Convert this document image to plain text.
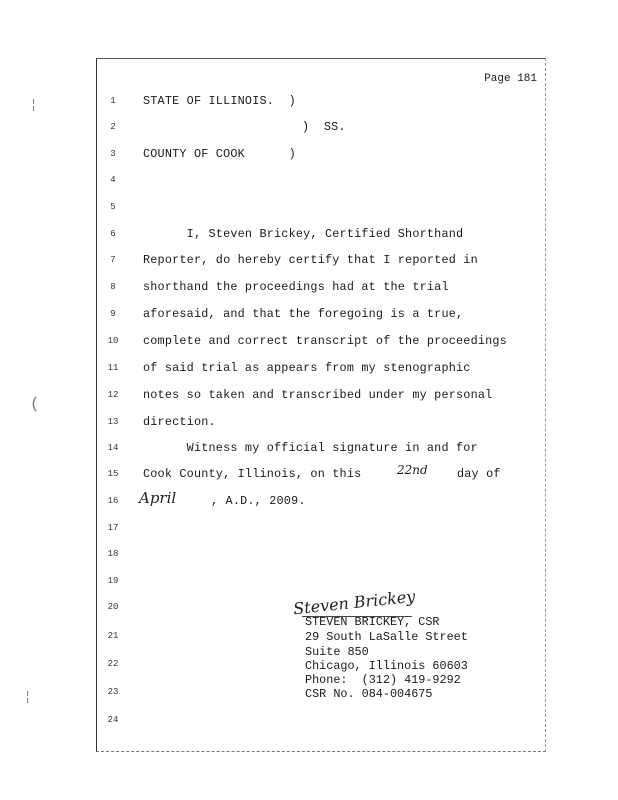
Page 181
1
2
3
4
5
6
7
8
9
10
11
12
13
14
15
16
17
18
19
20
21
22
23
24
STATE OF ILLINOIS.  )
)  SS.
COUNTY OF COOK      )
I, Steven Brickey, Certified Shorthand
Reporter, do hereby certify that I reported in
shorthand the proceedings had at the trial
aforesaid, and that the foregoing is a true,
complete and correct transcript of the proceedings
of said trial as appears from my stenographic
notes so taken and transcribed under my personal
direction.
Witness my official signature in and for
Cook County, Illinois, on this	22nd day of
April	, A.D., 2009.
Steven Brickey
STEVEN BRICKEY, CSR
29 South LaSalle Street
Suite 850
Chicago, Illinois 60603
Phone:  (312) 419-9292
CSR No. 084-004675
╎
(
╎
